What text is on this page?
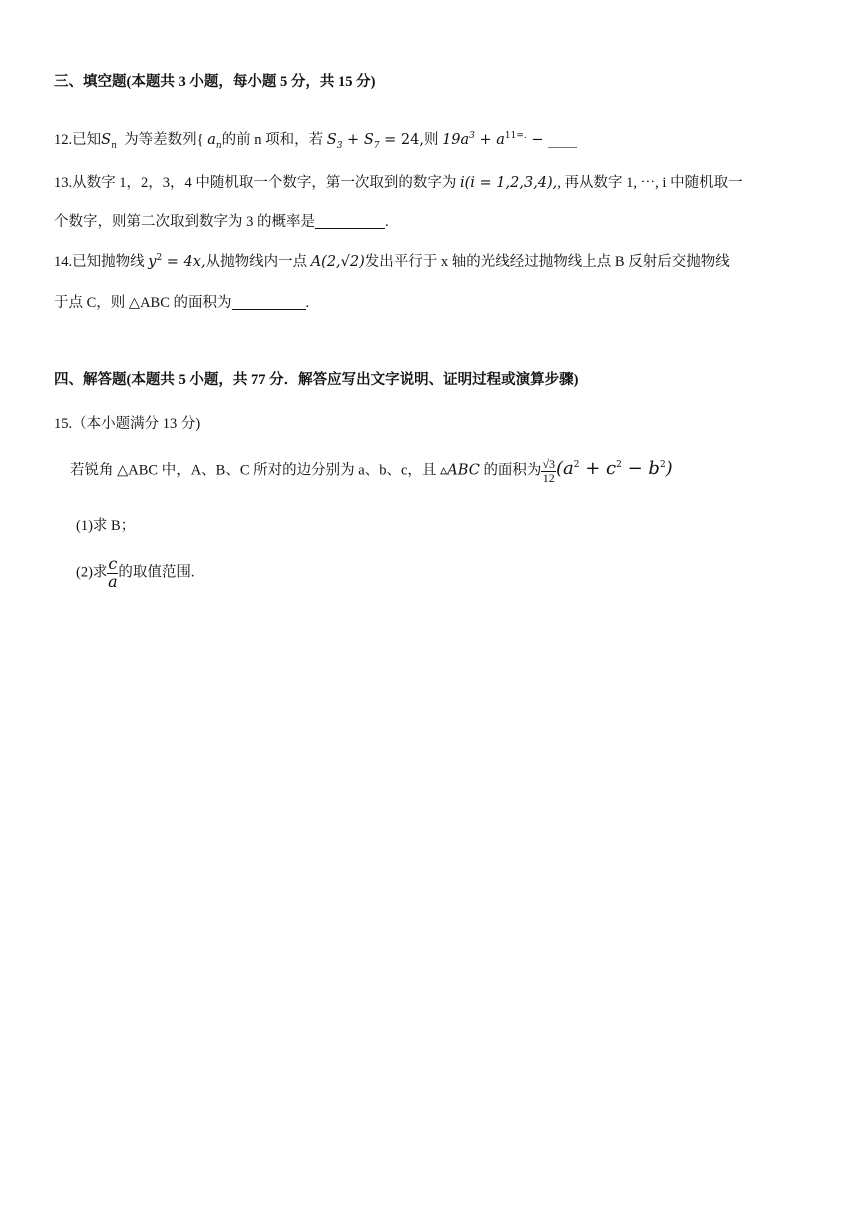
三、填空题(本题共 3 小题，每小题 5 分，共 15 分)
12.已知$S_n$ 为等差数列{ $a_n$的前 n 项和，若 $S_3 + S_7 = 24$,则 $19a^3 + a^{11=.}$ − ____
13.从数字 1，2，3，4 中随机取一个数字，第一次取到的数字为 i(i = 1,2,3,4),, 再从数字 1, ⋯, i 中随机取一
个数字，则第二次取到数字为 3 的概率是	.
14.已知抛物线 $y^2 = 4x$,从抛物线内一点 A(2,√2)发出平行于 x 轴的光线经过抛物线上点 B 反射后交抛物线
于点 C，则 △ABC 的面积为	.
四、解答题(本题共 5 小题，共 77 分．解答应写出文字说明、证明过程或演算步骤)
15.（本小题满分 13 分)
若锐角 △ABC 中，A、B、C 所对的边分别为 a、b、c，且 ▵ABC 的面积为 $\frac{√3}{12} (a^2 + c^2 - b^2)$
(1)求 B；
(2)求 $\frac{c}{a}$ 的取值范围.
